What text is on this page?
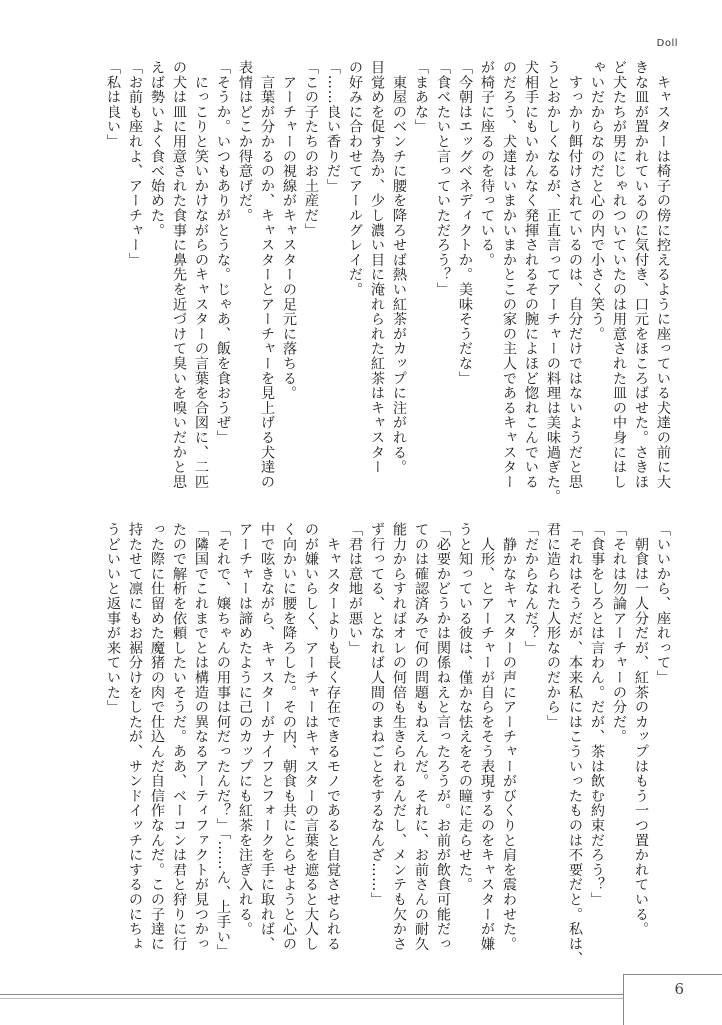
Doll

　キャスターは椅子の傍に控えるように座っている犬達の前に大

きな皿が置かれているのに気付き、口元をほころばせた。さきほ

ど犬たちが男にじゃれついていたのは用意された皿の中身にはし

ゃいだからなのだと心の内で小さく笑う。

　すっかり餌付けされているのは、自分だけではないようだと思

うとおかしくなるが、正直言ってアーチャーの料理は美味過ぎた。

犬相手にもいかんなく発揮されるその腕によほど惚れこんでいる

のだろう、犬達はいまかいまかとこの家の主人であるキャスター

が椅子に座るのを待っている。

「今朝はエッグベネディクトか。美味そうだな」

「食べたいと言っていただろう？」

「まあな」

　東屋のベンチに腰を降ろせば熱い紅茶がカップに注がれる。

目覚めを促す為か、少し濃い目に淹れられた紅茶はキャスター

の好みに合わせてアールグレイだ。

「……良い香りだ」

「この子たちのお土産だ」

　アーチャーの視線がキャスターの足元に落ちる。

　言葉が分かるのか、キャスターとアーチャーを見上げる犬達の

表情はどこか得意げだ。

「そうか。いつもありがとうな。じゃあ、飯を食おうぜ」

　にっこりと笑いかけながらのキャスターの言葉を合図に、二匹

の犬は皿に用意された食事に鼻先を近づけて臭いを嗅いだかと思

えば勢いよく食べ始めた。

「お前も座れよ、アーチャー」

「私は良い」

「いいから、座れって」

　朝食は一人分だが、紅茶のカップはもう一つ置かれている。

「それは勿論アーチャーの分だ。

「食事をしろとは言わん。だが、茶は飲む約束だろう？」

「それはそうだが、本来私にはこういったものは不要だと。私は、

君に造られた人形なのだから」

「だからなんだ？」

　静かなキャスターの声にアーチャーがびくりと肩を震わせた。

　人形、とアーチャーが自らをそう表現するのをキャスターが嫌

うと知っている彼は、僅かな怯えをその瞳に走らせた。

「必要かどうかは関係ねえと言ったろうが。お前が飲食可能だっ

てのは確認済みで何の問題もねえんだ。それに、お前さんの耐久

能力からすればオレの何倍も生きられるんだし、メンテも欠かさ

ず行ってる、となれば人間のまねごとをするなんざ……」

「君は意地が悪い」

　キャスターよりも長く存在できるモノであると自覚させられる

のが嫌いらしく、アーチャーはキャスターの言葉を遮ると大人し

く向かいに腰を降ろした。その内、朝食も共にとらせようと心の

中で呟きながら、キャスターがナイフとフォークを手に取れば、

アーチャーは諦めたように己のカップにも紅茶を注ぎ入れる。

「それで、嬢ちゃんの用事は何だったんだ？」「……ん、上手い」

「隣国でこれまでとは構造の異なるアーティファクトが見つかっ

たので解析を依頼したいそうだ。ああ、ベーコンは君と狩りに行

った際に仕留めた魔猪の肉で仕込んだ自信作なんだ。この子達に

持たせて凛にもお裾分けをしたが、サンドイッチにするのにちょ

うどいいと返事が来ていた」

6
